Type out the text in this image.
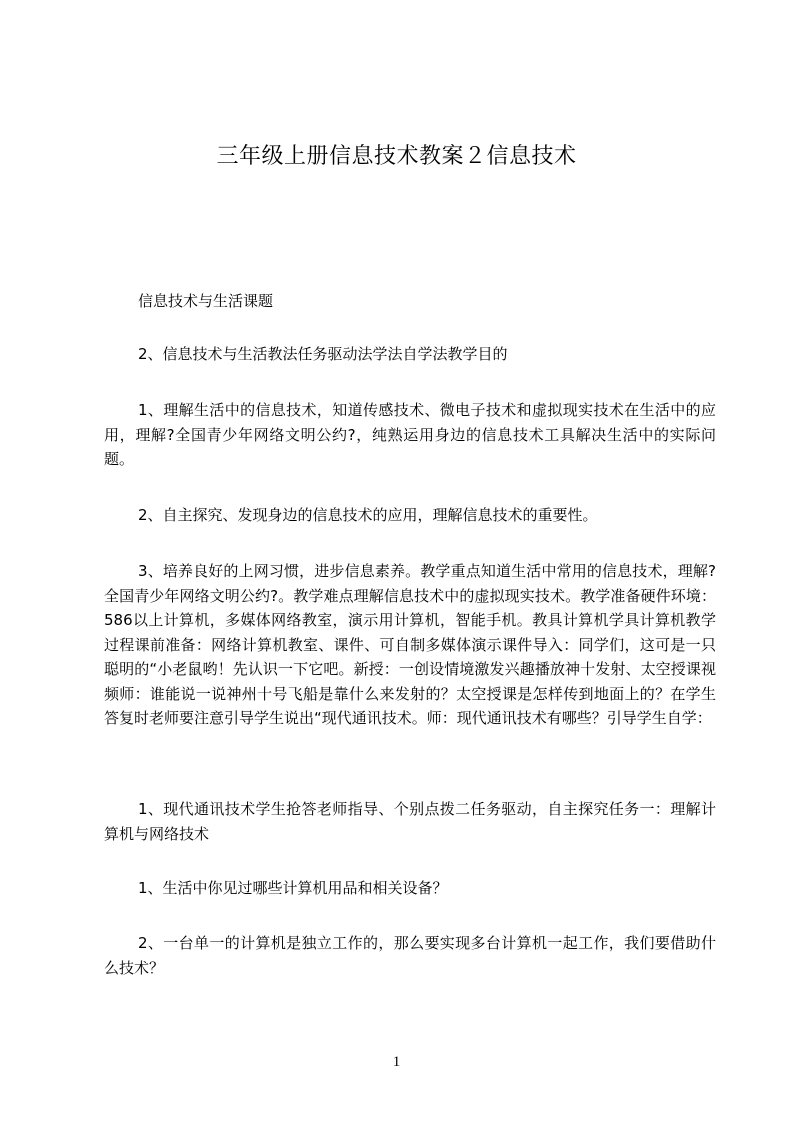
三年级上册信息技术教案２信息技术
信息技术与生活课题
2、信息技术与生活教法任务驱动法学法自学法教学目的
1、理解生活中的信息技术，知道传感技术、微电子技术和虚拟现实技术在生活中的应用，理解?全国青少年网络文明公约?，纯熟运用身边的信息技术工具解决生活中的实际问题。
2、自主探究、发现身边的信息技术的应用，理解信息技术的重要性。
3、培养良好的上网习惯，进步信息素养。教学重点知道生活中常用的信息技术，理解?全国青少年网络文明公约?。教学难点理解信息技术中的虚拟现实技术。教学准备硬件环境：586以上计算机，多媒体网络教室，演示用计算机，智能手机。教具计算机学具计算机教学过程课前准备：网络计算机教室、课件、可自制多媒体演示课件导入：同学们，这可是一只聪明的“小老鼠哟！先认识一下它吧。新授：一创设情境激发兴趣播放神十发射、太空授课视频师：谁能说一说神州十号飞船是靠什么来发射的？太空授课是怎样传到地面上的？在学生答复时老师要注意引导学生说出“现代通讯技术。师：现代通讯技术有哪些？引导学生自学：
1、现代通讯技术学生抢答老师指导、个别点拨二任务驱动，自主探究任务一：理解计算机与网络技术
1、生活中你见过哪些计算机用品和相关设备？
2、一台单一的计算机是独立工作的，那么要实现多台计算机一起工作，我们要借助什么技术？
1
